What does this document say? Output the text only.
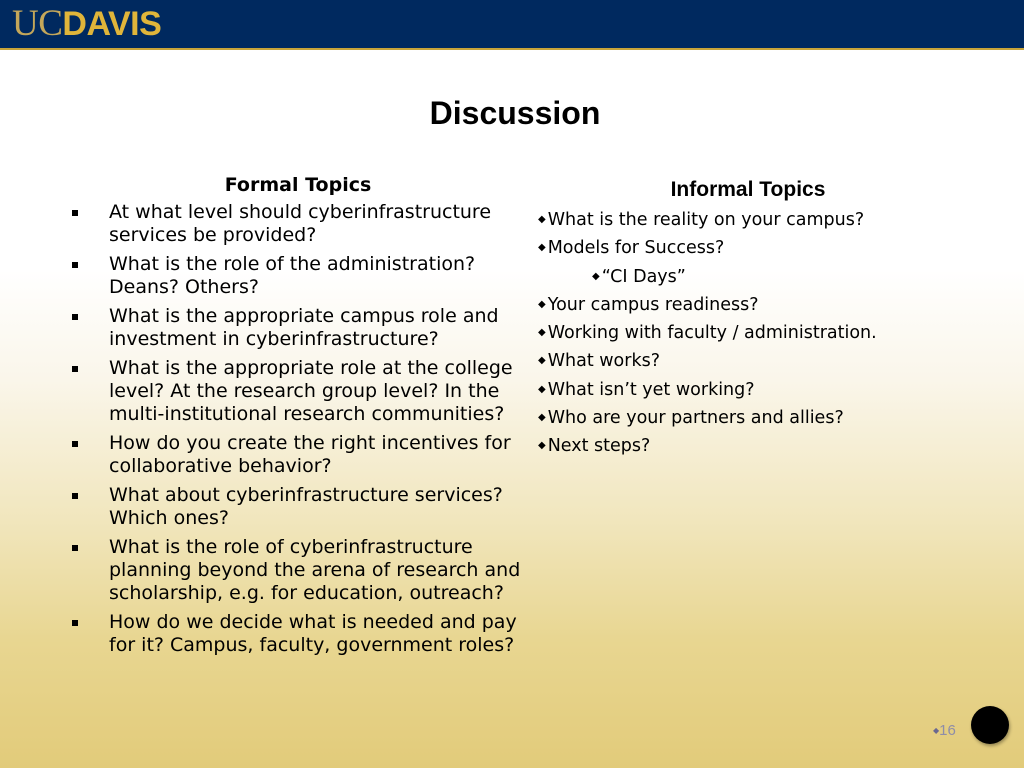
UCDAVIS
Discussion
Formal Topics
At what level should cyberinfrastructure services be provided?
What is the role of the administration? Deans? Others?
What is the appropriate campus role and investment in cyberinfrastructure?
What is the appropriate role at the college level? At the research group level? In the multi-institutional research communities?
How do you create the right incentives for collaborative behavior?
What about cyberinfrastructure services? Which ones?
What is the role of cyberinfrastructure planning beyond the arena of research and scholarship, e.g. for education, outreach?
How do we decide what is needed and pay for it? Campus, faculty, government roles?
Informal Topics
◆ What is the reality on your campus?
◆ Models for Success?
◆ “CI Days”
◆ Your campus readiness?
◆ Working with faculty / administration.
◆ What works?
◆ What isn’t yet working?
◆ Who are your partners and allies?
◆ Next steps?
◆16
